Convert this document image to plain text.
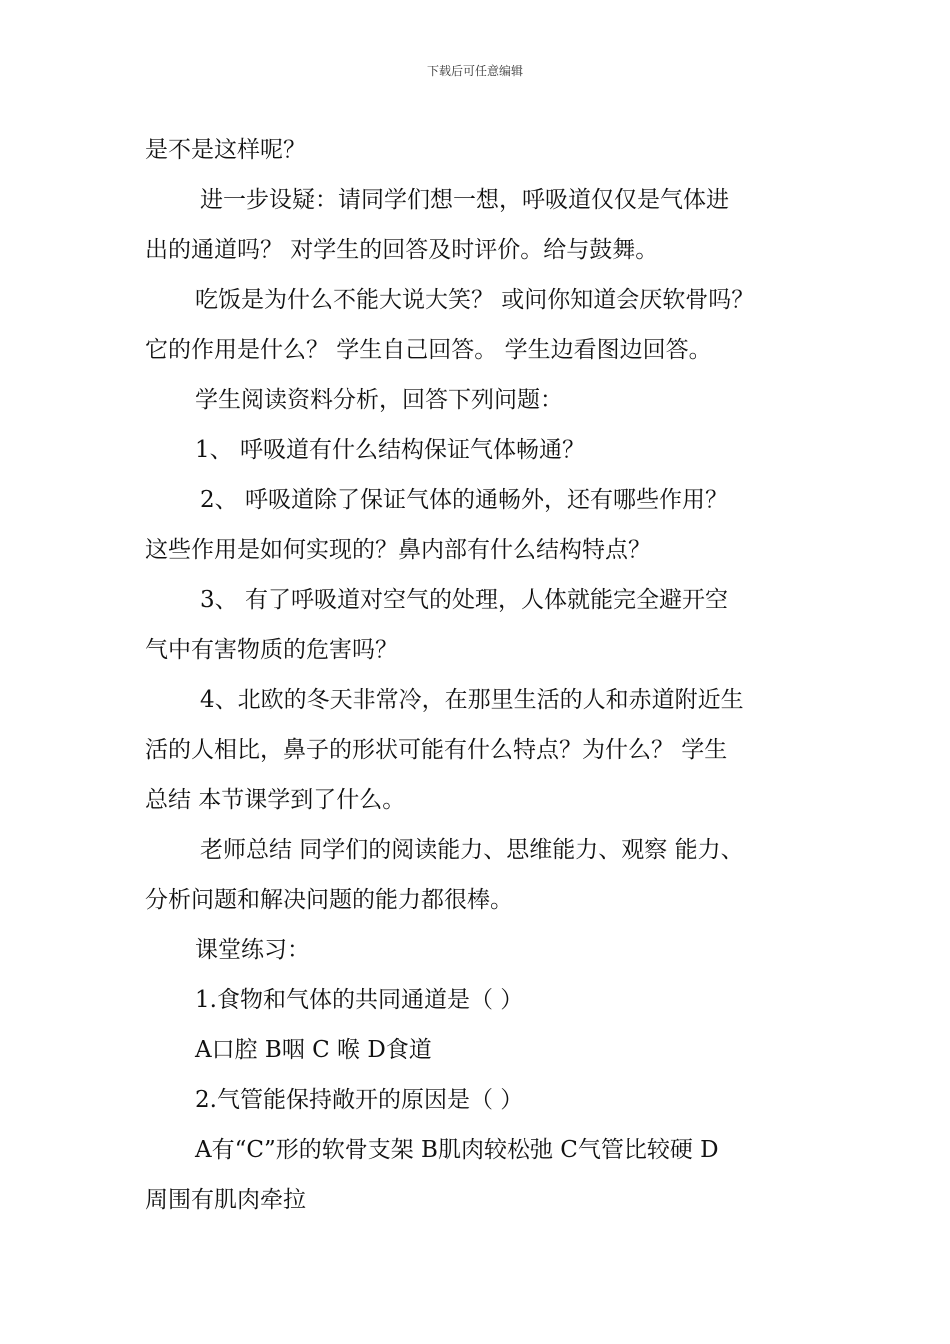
下载后可任意编辑
是不是这样呢？
进一步设疑：请同学们想一想，呼吸道仅仅是气体进
出的通道吗？ 对学生的回答及时评价。给与鼓舞。
吃饭是为什么不能大说大笑？ 或问你知道会厌软骨吗？
它的作用是什么？ 学生自己回答。 学生边看图边回答。
学生阅读资料分析，回答下列问题：
1、 呼吸道有什么结构保证气体畅通？
2、 呼吸道除了保证气体的通畅外，还有哪些作用？
这些作用是如何实现的？鼻内部有什么结构特点？
3、 有了呼吸道对空气的处理，人体就能完全避开空
气中有害物质的危害吗？
4、北欧的冬天非常冷，在那里生活的人和赤道附近生
活的人相比，鼻子的形状可能有什么特点？为什么？ 学生
总结 本节课学到了什么。
老师总结 同学们的阅读能力、思维能力、观察 能力、
分析问题和解决问题的能力都很棒。
课堂练习：
1.食物和气体的共同通道是（ ）
A口腔 B咽 C 喉 D食道
2.气管能保持敞开的原因是（ ）
A有“C”形的软骨支架 B肌肉较松弛 C气管比较硬 D
周围有肌肉牵拉
